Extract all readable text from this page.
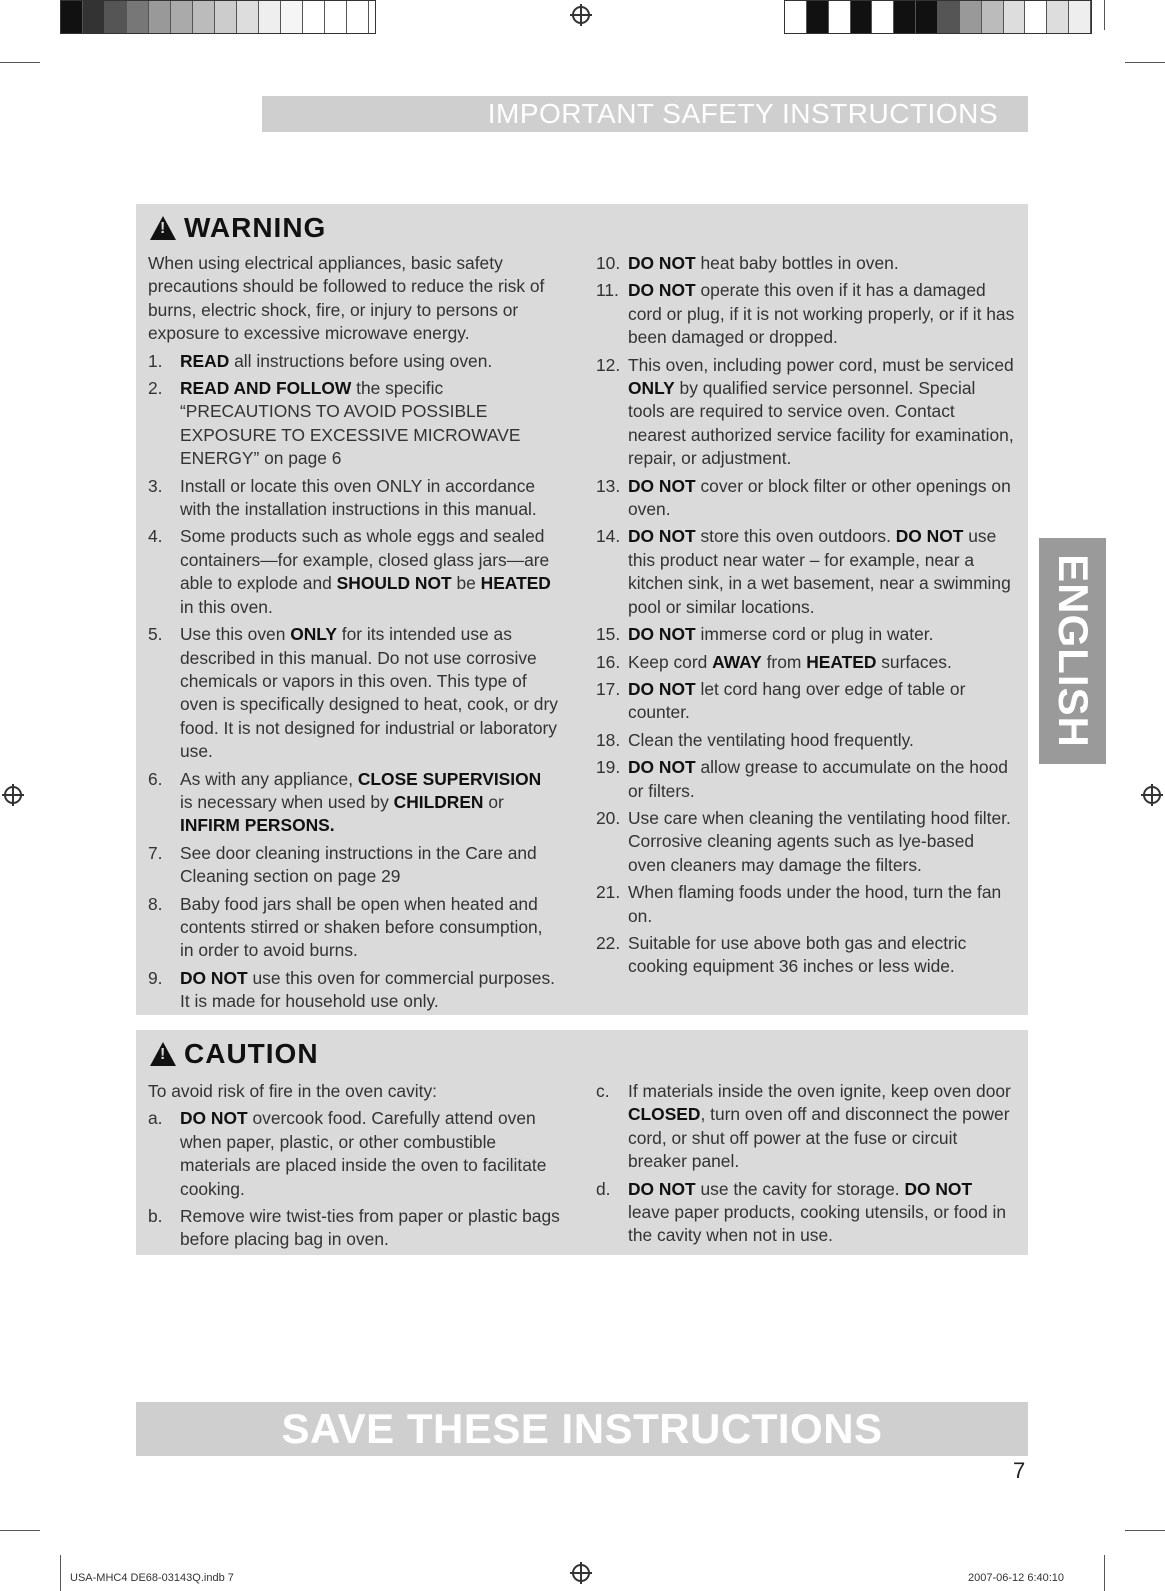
IMPORTANT SAFETY INSTRUCTIONS
!
WARNING

When using electrical appliances, basic safety precautions should be followed to reduce the risk of burns, electric shock, fire, or injury to persons or exposure to excessive microwave energy.

1.	READ all instructions before using oven.
2.	READ AND FOLLOW the specific “PRECAUTIONS TO AVOID POSSIBLE EXPOSURE TO EXCESSIVE MICROWAVE ENERGY” on page 6
3.	Install or locate this oven ONLY in accordance with the installation instructions in this manual.
4.	Some products such as whole eggs and sealed containers—for example, closed glass jars—are able to explode and SHOULD NOT be HEATED in this oven.
5.	Use this oven ONLY for its intended use as described in this manual. Do not use corrosive chemicals or vapors in this oven. This type of oven is specifically designed to heat, cook, or dry food. It is not designed for industrial or laboratory use.
6.	As with any appliance, CLOSE SUPERVISION is necessary when used by CHILDREN or INFIRM PERSONS.
7.	See door cleaning instructions in the Care and Cleaning section on page 29
8.	Baby food jars shall be open when heated and contents stirred or shaken before consumption, in order to avoid burns.
9.	DO NOT use this oven for commercial purposes. It is made for household use only.
10. DO NOT heat baby bottles in oven.
11. DO NOT operate this oven if it has a damaged cord or plug, if it is not working properly, or if it has been damaged or dropped.
12. This oven, including power cord, must be serviced ONLY by qualified service personnel. Special tools are required to service oven. Contact nearest authorized service facility for examination, repair, or adjustment.
13. DO NOT cover or block filter or other openings on oven.
14. DO NOT store this oven outdoors. DO NOT use this product near water – for example, near a kitchen sink, in a wet basement, near a swimming pool or similar locations.
15. DO NOT immerse cord or plug in water.
16. Keep cord AWAY from HEATED surfaces.
17. DO NOT let cord hang over edge of table or counter.
18. Clean the ventilating hood frequently.
19. DO NOT allow grease to accumulate on the hood or filters.
20. Use care when cleaning the ventilating hood filter. Corrosive cleaning agents such as lye-based oven cleaners may damage the filters.
21. When flaming foods under the hood, turn the fan on.
22. Suitable for use above both gas and electric cooking equipment 36 inches or less wide.
!
CAUTION

To avoid risk of fire in the oven cavity:

a.	DO NOT overcook food. Carefully attend oven when paper, plastic, or other combustible materials are placed inside the oven to facilitate cooking.
b.	Remove wire twist-ties from paper or plastic bags before placing bag in oven.
c.	If materials inside the oven ignite, keep oven door CLOSED, turn oven off and disconnect the power cord, or shut off power at the fuse or circuit breaker panel.
d.	DO NOT use the cavity for storage. DO NOT leave paper products, cooking utensils, or food in the cavity when not in use.
ENGLISH
SAVE THESE INSTRUCTIONS
7
USA-MHC4 DE68-03143Q.indb 7	2007-06-12 6:40:10
